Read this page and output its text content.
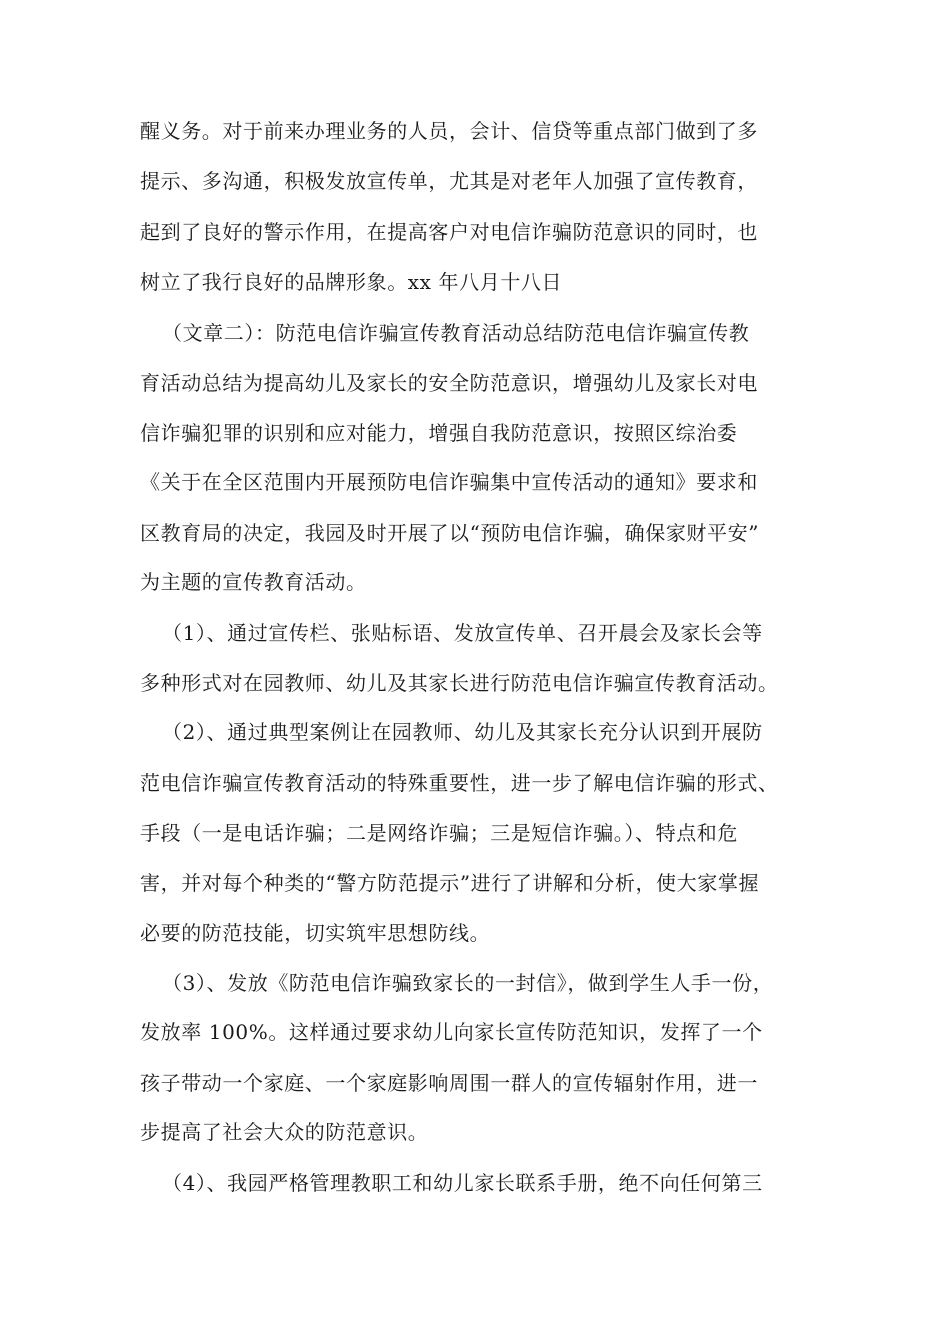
醒义务。对于前来办理业务的人员，会计、信贷等重点部门做到了多
提示、多沟通，积极发放宣传单，尤其是对老年人加强了宣传教育，
起到了良好的警示作用，在提高客户对电信诈骗防范意识的同时，也
树立了我行良好的品牌形象。xx 年八月十八日
（文章二）：防范电信诈骗宣传教育活动总结防范电信诈骗宣传教
育活动总结为提高幼儿及家长的安全防范意识，增强幼儿及家长对电
信诈骗犯罪的识别和应对能力，增强自我防范意识，按照区综治委
《关于在全区范围内开展预防电信诈骗集中宣传活动的通知》要求和
区教育局的决定，我园及时开展了以“预防电信诈骗，确保家财平安”
为主题的宣传教育活动。
（1）、通过宣传栏、张贴标语、发放宣传单、召开晨会及家长会等
多种形式对在园教师、幼儿及其家长进行防范电信诈骗宣传教育活动。
（2）、通过典型案例让在园教师、幼儿及其家长充分认识到开展防
范电信诈骗宣传教育活动的特殊重要性，进一步了解电信诈骗的形式、
手段（一是电话诈骗；二是网络诈骗；三是短信诈骗。）、特点和危
害，并对每个种类的“警方防范提示”进行了讲解和分析，使大家掌握
必要的防范技能，切实筑牢思想防线。
（3）、发放《防范电信诈骗致家长的一封信》，做到学生人手一份，
发放率 100%。这样通过要求幼儿向家长宣传防范知识，发挥了一个
孩子带动一个家庭、一个家庭影响周围一群人的宣传辐射作用，进一
步提高了社会大众的防范意识。
（4）、我园严格管理教职工和幼儿家长联系手册，绝不向任何第三
